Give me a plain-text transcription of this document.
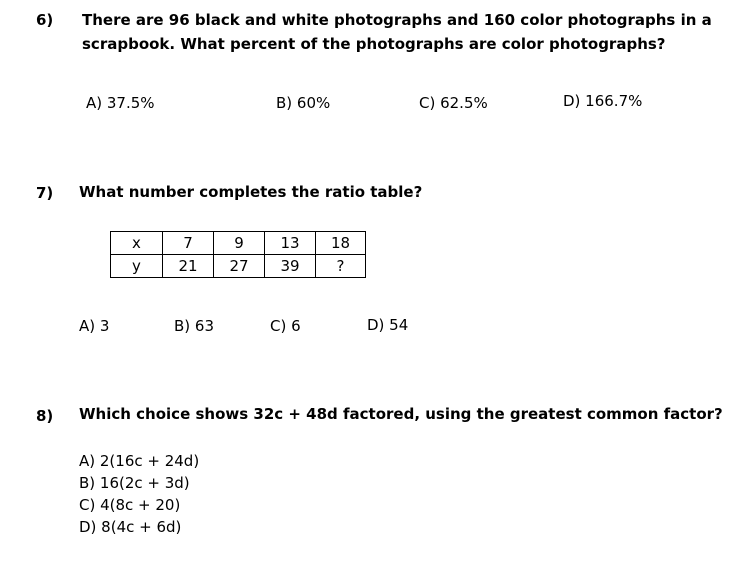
6) There are 96 black and white photographs and 160 color photographs in a
scrapbook. What percent of the photographs are color photographs?
A) 37.5%	B) 60%	C) 62.5%	D) 166.7%
7) What number completes the ratio table?
x	7	9	13	18
y	21	27	39	?
A) 3	B) 63	C) 6	D) 54
8) Which choice shows 32c + 48d factored, using the greatest common factor?
A) 2(16c + 24d)
B) 16(2c + 3d)
C) 4(8c + 20)
D) 8(4c + 6d)
